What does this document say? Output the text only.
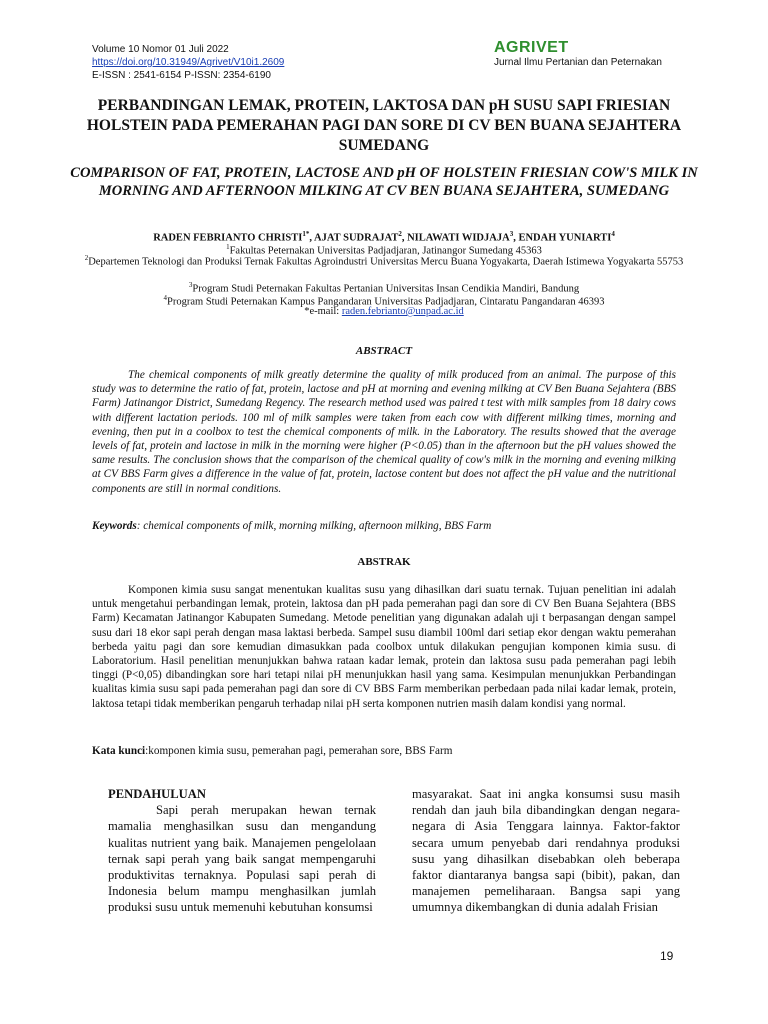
Volume 10 Nomor 01 Juli 2022
https://doi.org/10.31949/Agrivet/V10i1.2609
E-ISSN : 2541-6154 P-ISSN: 2354-6190
AGRIVET
Jurnal Ilmu Pertanian dan Peternakan
PERBANDINGAN LEMAK, PROTEIN, LAKTOSA DAN pH SUSU SAPI FRIESIAN HOLSTEIN PADA PEMERAHAN PAGI DAN SORE DI CV BEN BUANA SEJAHTERA SUMEDANG
COMPARISON OF FAT, PROTEIN, LACTOSE AND pH OF HOLSTEIN FRIESIAN COW'S MILK IN MORNING AND AFTERNOON MILKING AT CV BEN BUANA SEJAHTERA, SUMEDANG
RADEN FEBRIANTO $CHRISTI^{1*}$, AJAT SUDRAJAT$^2$, NILAWATI WIDJAJA$^3$, ENDAH YUNIARTI$^4$
$^1$Fakultas Peternakan Universitas Padjadjaran, Jatinangor Sumedang 45363
$^2$Departemen Teknologi dan Produksi Ternak Fakultas Agroindustri Universitas Mercu Buana Yogyakarta, Daerah Istimewa Yogyakarta 55753
$^3$Program Studi Peternakan Fakultas Pertanian Universitas Insan Cendikia Mandiri, Bandung
$^4$Program Studi Peternakan Kampus Pangandaran Universitas Padjadjaran, Cintaratu Pangandaran 46393
*e-mail: raden.febrianto@unpad.ac.id
ABSTRACT
The chemical components of milk greatly determine the quality of milk produced from an animal. The purpose of this study was to determine the ratio of fat, protein, lactose and pH at morning and evening milking at CV Ben Buana Sejahtera (BBS Farm) Jatinangor District, Sumedang Regency. The research method used was paired t test with milk samples from 18 dairy cows with different lactation periods. 100 ml of milk samples were taken from each cow with different milking times, morning and evening, then put in a coolbox to test the chemical components of milk. in the Laboratory. The results showed that the average levels of fat, protein and lactose in milk in the morning were higher (P<0.05) than in the afternoon but the pH values showed the same results. The conclusion shows that the comparison of the chemical quality of cow's milk in the morning and evening milking at CV BBS Farm gives a difference in the value of fat, protein, lactose content but does not affect the pH value and the nutritional components are still in normal conditions.
Keywords: chemical components of milk, morning milking, afternoon milking, BBS Farm
ABSTRAK
Komponen kimia susu sangat menentukan kualitas susu yang dihasilkan dari suatu ternak. Tujuan penelitian ini adalah untuk mengetahui perbandingan lemak, protein, laktosa dan pH pada pemerahan pagi dan sore di CV Ben Buana Sejahtera (BBS Farm) Kecamatan Jatinangor Kabupaten Sumedang. Metode penelitian yang digunakan adalah uji t berpasangan dengan sampel susu dari 18 ekor sapi perah dengan masa laktasi berbeda. Sampel susu diambil 100ml dari setiap ekor dengan waktu pemerahan berbeda yaitu pagi dan sore kemudian dimasukkan pada coolbox untuk dilakukan pengujian komponen kimia susu. di Laboratorium. Hasil penelitian menunjukkan bahwa rataan kadar lemak, protein dan laktosa susu pada pemerahan pagi lebih tinggi (P<0,05) dibandingkan sore hari tetapi nilai pH menunjukkan hasil yang sama. Kesimpulan menunjukkan Perbandingan kualitas kimia susu sapi pada pemerahan pagi dan sore di CV BBS Farm memberikan perbedaan pada nilai kadar lemak, protein, laktosa tetapi tidak memberikan pengaruh terhadap nilai pH serta komponen nutrien masih dalam kondisi yang normal.
Kata kunci:komponen kimia susu, pemerahan pagi, pemerahan sore, BBS Farm
PENDAHULUAN
Sapi perah merupakan hewan ternak mamalia menghasilkan susu dan mengandung kualitas nutrient yang baik. Manajemen pengelolaan ternak sapi perah yang baik sangat mempengaruhi produktivitas ternaknya. Populasi sapi perah di Indonesia belum mampu menghasilkan jumlah produksi susu untuk memenuhi kebutuhan konsumsi
masyarakat. Saat ini angka konsumsi susu masih rendah dan jauh bila dibandingkan dengan negara-negara di Asia Tenggara lainnya. Faktor-faktor secara umum penyebab dari rendahnya produksi susu yang dihasilkan disebabkan oleh beberapa faktor diantaranya bangsa sapi (bibit), pakan, dan manajemen pemeliharaan. Bangsa sapi yang umumnya dikembangkan di dunia adalah Frisian
19
